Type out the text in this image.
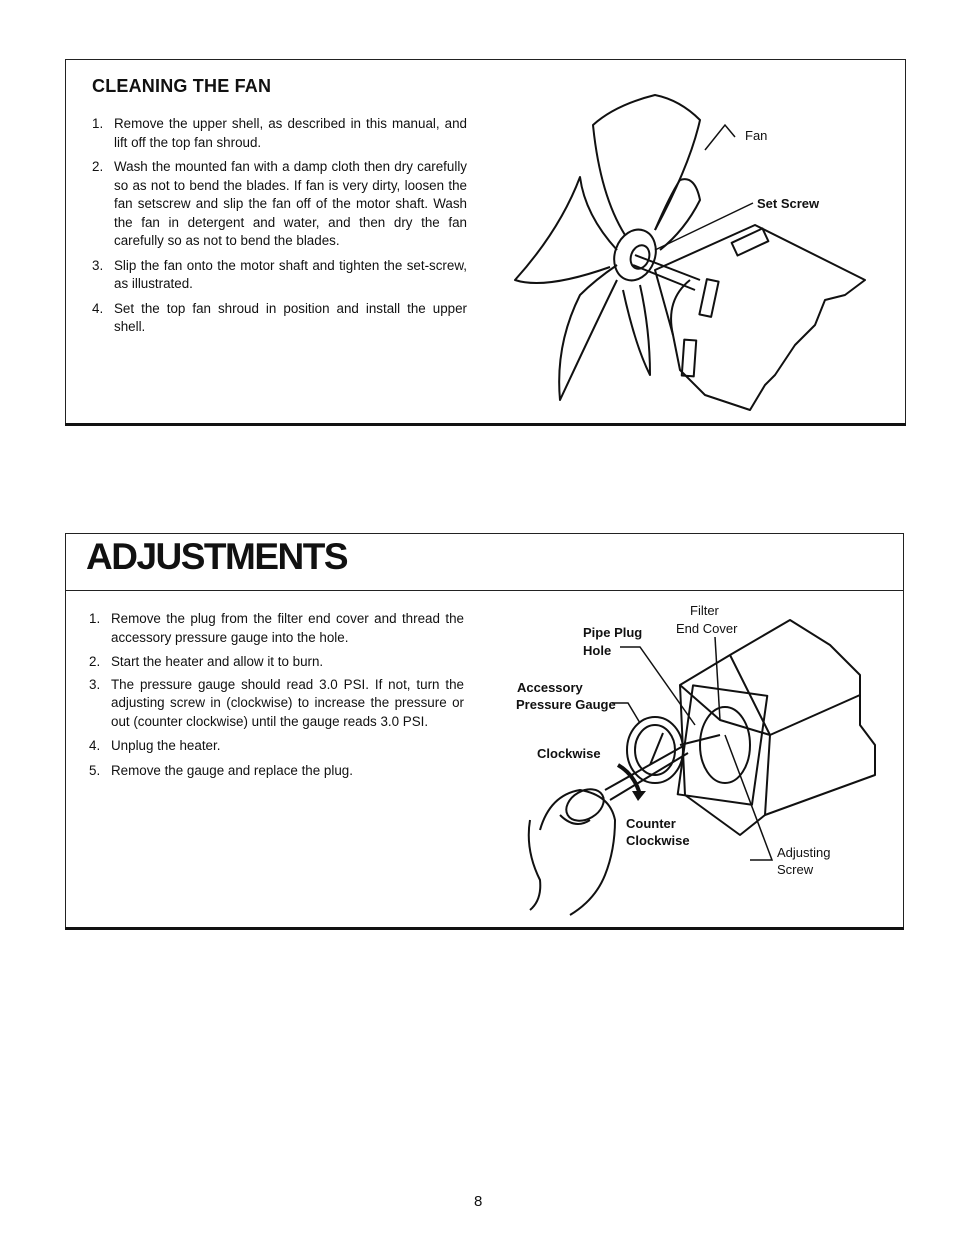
CLEANING THE FAN
1. Remove the upper shell, as described in this manual, and lift off the top fan shroud.
2. Wash the mounted fan with a damp cloth then dry carefully so as not to bend the blades. If fan is very dirty, loosen the fan setscrew and slip the fan off of the motor shaft. Wash the fan in detergent and water, and then dry the fan carefully so as not to bend the blades.
3. Slip the fan onto the motor shaft and tighten the set-screw, as illustrated.
4. Set the top fan shroud in position and install the upper shell.
Fan
Set Screw
ADJUSTMENTS
1. Remove the plug from the filter end cover and thread the accessory pressure gauge into the hole.
2. Start the heater and allow it to burn.
3. The pressure gauge should read 3.0 PSI. If not, turn the adjusting screw in (clockwise) to increase the pressure or out (counter clockwise) until the gauge reads 3.0 PSI.
4. Unplug the heater.
5. Remove the gauge and replace the plug.
Filter
End Cover
Pipe Plug
Hole
Accessory
Pressure Gauge
Clockwise
Counter
Clockwise
Adjusting
Screw
8
